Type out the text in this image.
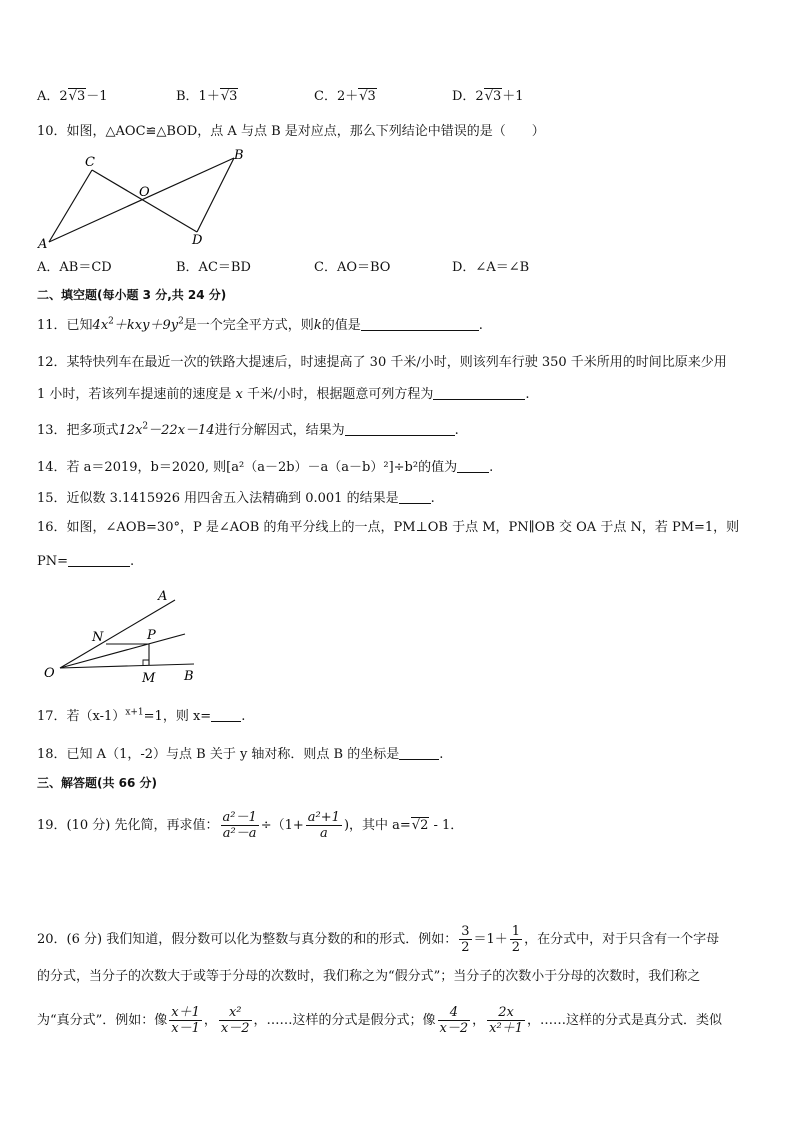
A．2√3－1	B．1＋√3	C．2＋√3	D．2√3＋1
10．如图，△AOC≌△BOD，点 A 与点 B 是对应点，那么下列结论中错误的是（　　）
C	B
O
A	D
A．AB＝CD	B．AC＝BD	C．AO＝BO	D．∠A＝∠B
二、填空题(每小题 3 分,共 24 分)
11．已知$4x^2+kxy+9y^2$是一个完全平方式，则k的值是	.
12．某特快列车在最近一次的铁路大提速后，时速提高了 30 千米/小时，则该列车行驶 350 千米所用的时间比原来少用
1 小时，若该列车提速前的速度是 x 千米/小时，根据题意可列方程为	.
13．把多项式$12x^2-22x-14$进行分解因式，结果为	.
14．若 a＝2019，b＝2020, 则[a²（a－2b）－a（a－b）²]÷b²的值为 .
15．近似数 3.1415926 用四舍五入法精确到 0.001 的结果是 .
16．如图，∠AOB=30°，P 是∠AOB 的角平分线上的一点，PM⊥OB 于点 M，PN∥OB 交 OA 于点 N，若 PM=1，则
PN=	.
A
N	P
O	M B
17．若$(x-1)^{x+1}=1$，则 x= .
18．已知 A（1，-2）与点 B 关于 y 轴对称．则点 B 的坐标是	.
三、解答题(共 66 分)
19．(10 分) 先化简，再求值： $\frac{\text{a²－1}}{\text{a²－a}} \div(1+ \frac{\text{a²+1}}{a}$ )，其中 a=√2 - 1．
20．(6 分) 我们知道，假分数可以化为整数与真分数的和的形式．例如： $\frac{3}{2} =1+ \frac{1}{2}$ ，在分式中，对于只含有一个字母
的分式，当分子的次数大于或等于分母的次数时，我们称之为“假分式”；当分子的次数小于分母的次数时，我们称之
为“真分式”．例如：像 $\frac{x+1}{x-1}$ ， $\frac{\text{x²}}{x-2}$ ，……这样的分式是假分式；像 $\frac{4}{x-2}$ ， $\frac{2x}{\text{x²＋1}}$ ，……这样的分式是真分式．类似
